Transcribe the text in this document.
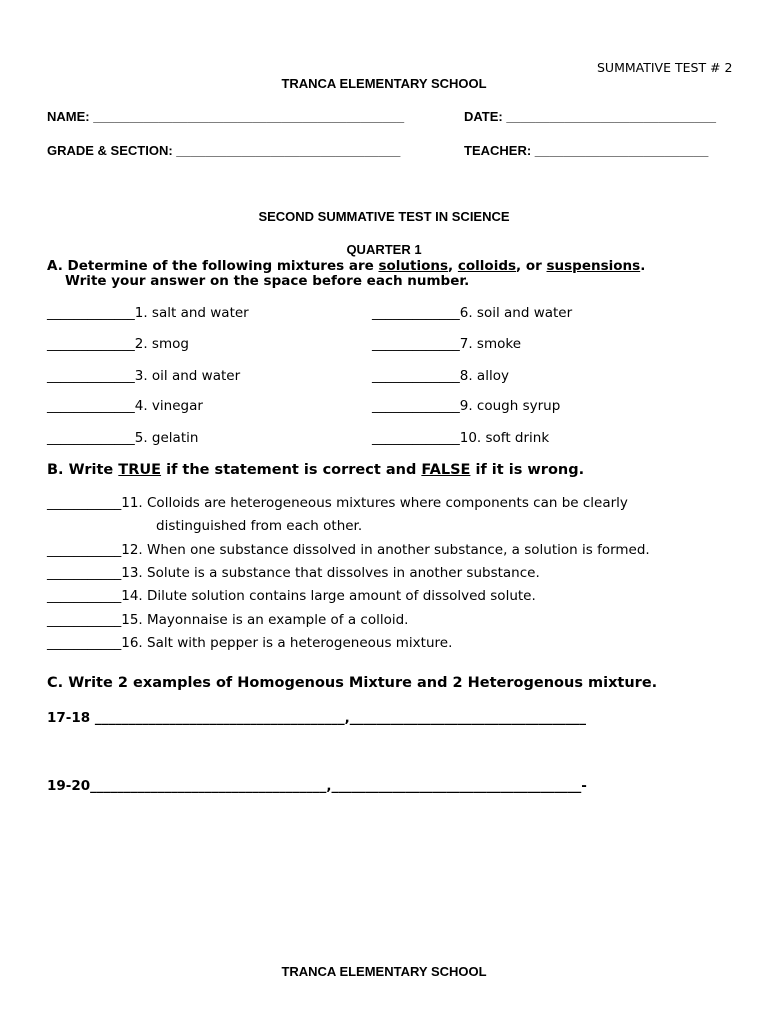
SUMMATIVE TEST # 2
TRANCA ELEMENTARY SCHOOL
NAME: ___________________________________________	DATE: _____________________________
GRADE & SECTION: _______________________________	TEACHER: ________________________
SECOND SUMMATIVE TEST IN SCIENCE
QUARTER 1
A. Determine of the following mixtures are solutions, colloids, or suspensions.
Write your answer on the space before each number.
_____________1. salt and water
_____________2. smog
_____________3. oil and water
_____________4. vinegar
_____________5. gelatin
_____________6. soil and water
_____________7. smoke
_____________8. alloy
_____________9. cough syrup
_____________10. soft drink
B. Write TRUE if the statement is correct and FALSE if it is wrong.
___________11. Colloids are heterogeneous mixtures where components can be clearly
distinguished from each other.
___________12. When one substance dissolved in another substance, a solution is formed.
___________13. Solute is a substance that dissolves in another substance.
___________14. Dilute solution contains large amount of dissolved solute.
___________15. Mayonnaise is an example of a colloid.
___________16. Salt with pepper is a heterogeneous mixture.
C. Write 2 examples of Homogenous Mixture and 2 Heterogenous mixture.
17-18 _____________________________________,___________________________________
19-20___________________________________,_____________________________________-
TRANCA ELEMENTARY SCHOOL
